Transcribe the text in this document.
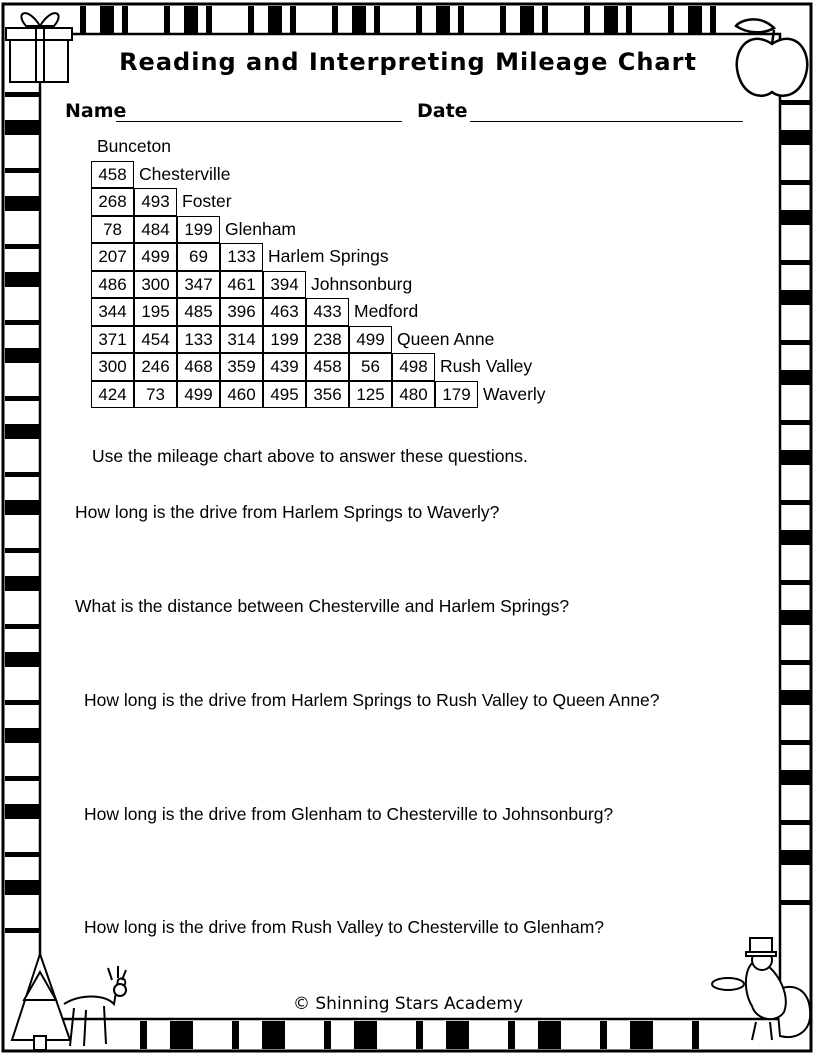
Reading and Interpreting Mileage Chart
Name	Date
Bunceton
458 Chesterville
268 493 Foster
78	484 199 Glenham
207 499	69	133 Harlem Springs
486 300 347 461 394 Johnsonburg
344 195 485 396 463 433 Medford
371 454 133 314 199 238 499 Queen Anne
300 246 468 359 439 458	56	498 Rush Valley
424	73	499 460 495 356 125 480 179 Waverly
Use the mileage chart above to answer these questions.
How long is the drive from Harlem Springs to Waverly?
What is the distance between Chesterville and Harlem Springs?
How long is the drive from Harlem Springs to Rush Valley to Queen Anne?
How long is the drive from Glenham to Chesterville to Johnsonburg?
How long is the drive from Rush Valley to Chesterville to Glenham?
© Shinning Stars Academy
